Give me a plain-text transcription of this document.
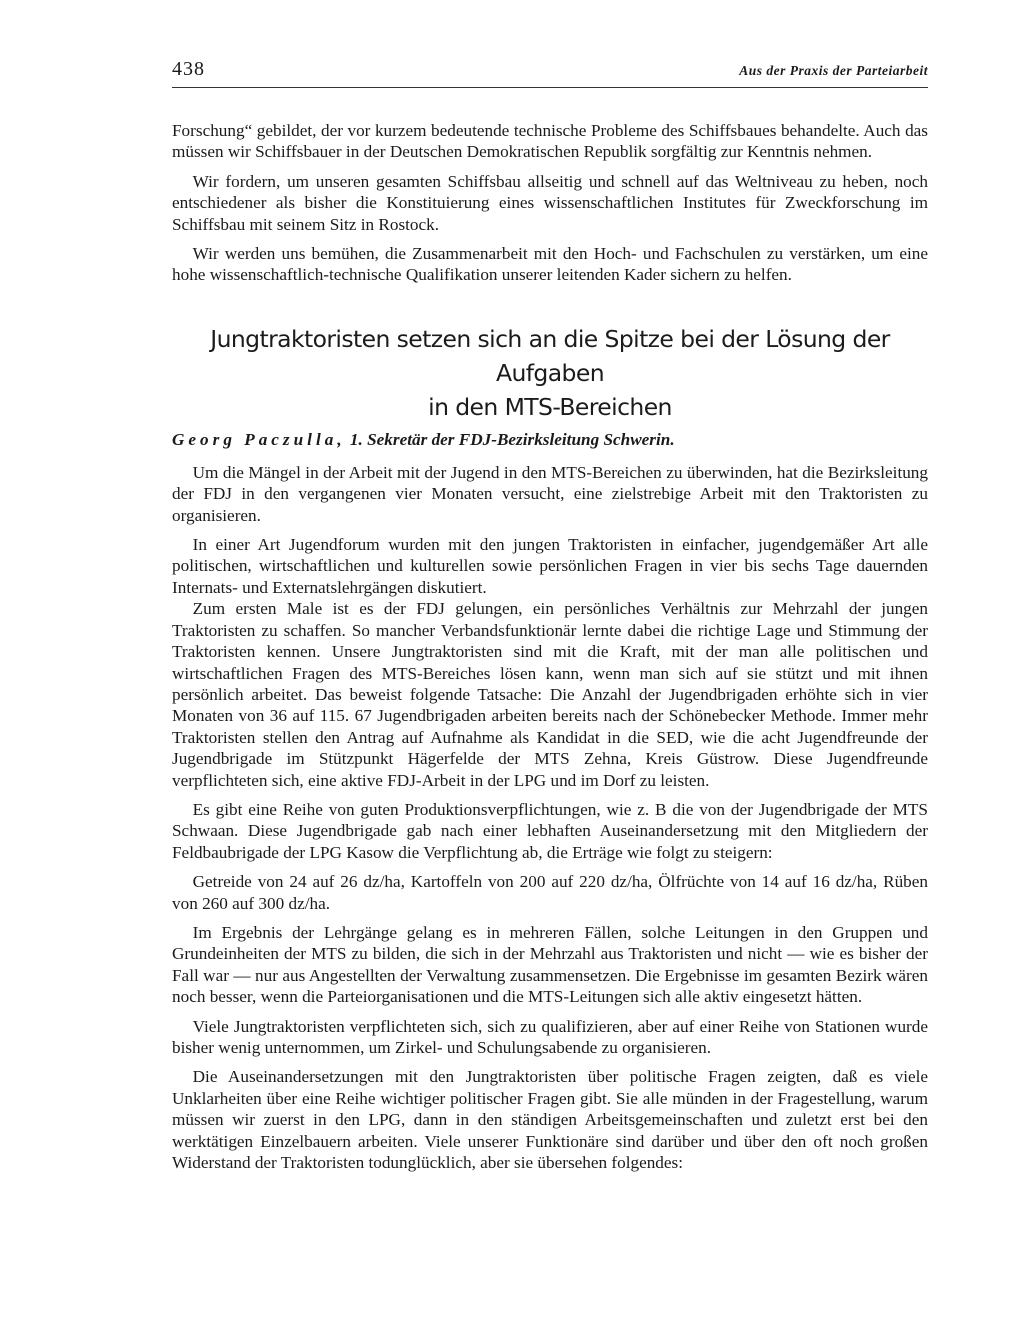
438	Aus der Praxis der Parteiarbeit

Forschung“ gebildet, der vor kurzem bedeutende technische Probleme des Schiffsbaues behandelte. Auch das müssen wir Schiffsbauer in der Deutschen Demokratischen Republik sorgfältig zur Kenntnis nehmen.

Wir fordern, um unseren gesamten Schiffsbau allseitig und schnell auf das Weltniveau zu heben, noch entschiedener als bisher die Konstituierung eines wissenschaftlichen Institutes für Zweckforschung im Schiffsbau mit seinem Sitz in Rostock.

Wir werden uns bemühen, die Zusammenarbeit mit den Hoch- und Fachschulen zu verstärken, um eine hohe wissenschaftlich-technische Qualifikation unserer leitenden Kader sichern zu helfen.

Jungtraktoristen setzen sich an die Spitze bei der Lösung der Aufgaben
in den MTS-Bereichen
Georg Paczulla, 1. Sekretär der FDJ-Bezirksleitung Schwerin.

Um die Mängel in der Arbeit mit der Jugend in den MTS-Bereichen zu überwinden, hat die Bezirksleitung der FDJ in den vergangenen vier Monaten versucht, eine zielstrebige Arbeit mit den Traktoristen zu organisieren.

In einer Art Jugendforum wurden mit den jungen Traktoristen in einfacher, jugendgemäßer Art alle politischen, wirtschaftlichen und kulturellen sowie persönlichen Fragen in vier bis sechs Tage dauernden Internats- und Externatslehrgängen diskutiert.

Zum ersten Male ist es der FDJ gelungen, ein persönliches Verhältnis zur Mehrzahl der jungen Traktoristen zu schaffen. So mancher Verbandsfunktionär lernte dabei die richtige Lage und Stimmung der Traktoristen kennen. Unsere Jungtraktoristen sind mit die Kraft, mit der man alle politischen und wirtschaftlichen Fragen des MTS-Bereiches lösen kann, wenn man sich auf sie stützt und mit ihnen persönlich arbeitet. Das beweist folgende Tatsache: Die Anzahl der Jugendbrigaden erhöhte sich in vier Monaten von 36 auf 115. 67 Jugendbrigaden arbeiten bereits nach der Schönebecker Methode. Immer mehr Traktoristen stellen den Antrag auf Aufnahme als Kandidat in die SED, wie die acht Jugendfreunde der Jugendbrigade im Stützpunkt Hägerfelde der MTS Zehna, Kreis Güstrow. Diese Jugendfreunde verpflichteten sich, eine aktive FDJ-Arbeit in der LPG und im Dorf zu leisten.

Es gibt eine Reihe von guten Produktionsverpflichtungen, wie z. B die von der Jugendbrigade der MTS Schwaan. Diese Jugendbrigade gab nach einer lebhaften Auseinandersetzung mit den Mitgliedern der Feldbaubrigade der LPG Kasow die Verpflichtung ab, die Erträge wie folgt zu steigern:

Getreide von 24 auf 26 dz/ha, Kartoffeln von 200 auf 220 dz/ha, Ölfrüchte von 14 auf 16 dz/ha, Rüben von 260 auf 300 dz/ha.

Im Ergebnis der Lehrgänge gelang es in mehreren Fällen, solche Leitungen in den Gruppen und Grundeinheiten der MTS zu bilden, die sich in der Mehrzahl aus Traktoristen und nicht — wie es bisher der Fall war — nur aus Angestellten der Verwaltung zusammensetzen. Die Ergebnisse im gesamten Bezirk wären noch besser, wenn die Parteiorganisationen und die MTS-Leitungen sich alle aktiv eingesetzt hätten.

Viele Jungtraktoristen verpflichteten sich, sich zu qualifizieren, aber auf einer Reihe von Stationen wurde bisher wenig unternommen, um Zirkel- und Schulungsabende zu organisieren.

Die Auseinandersetzungen mit den Jungtraktoristen über politische Fragen zeigten, daß es viele Unklarheiten über eine Reihe wichtiger politischer Fragen gibt. Sie alle münden in der Fragestellung, warum müssen wir zuerst in den LPG, dann in den ständigen Arbeitsgemeinschaften und zuletzt erst bei den werktätigen Einzelbauern arbeiten. Viele unserer Funktionäre sind darüber und über den oft noch großen Widerstand der Traktoristen todunglücklich, aber sie übersehen folgendes:
